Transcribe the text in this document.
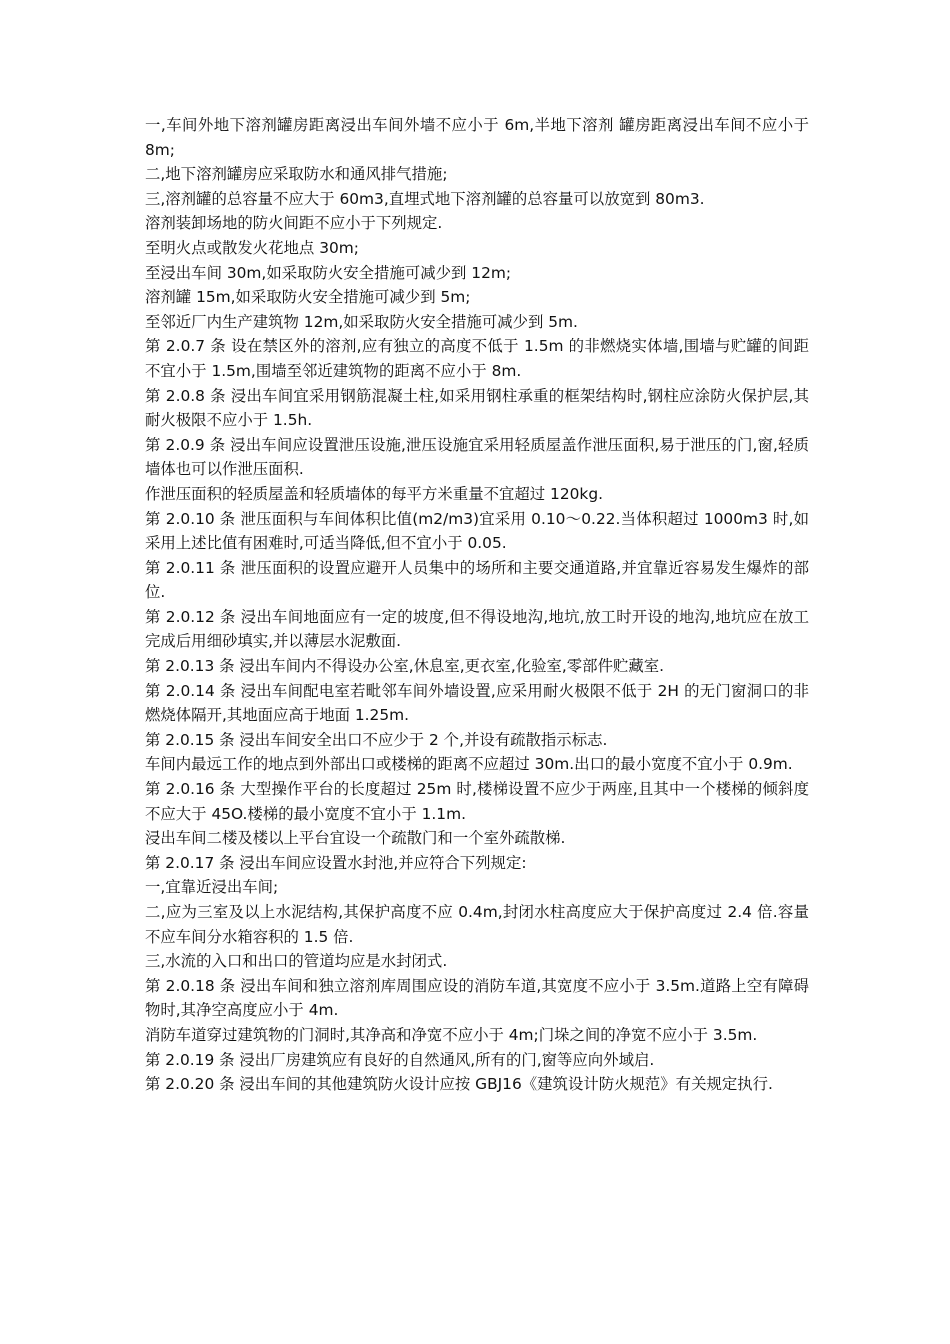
一,车间外地下溶剂罐房距离浸出车间外墙不应小于 6m,半地下溶剂 罐房距离浸出车间不应小于 8m;

二,地下溶剂罐房应采取防水和通风排气措施;

三,溶剂罐的总容量不应大于 60m3,直埋式地下溶剂罐的总容量可以放宽到 80m3.

溶剂装卸场地的防火间距不应小于下列规定.

至明火点或散发火花地点 30m;

至浸出车间 30m,如采取防火安全措施可减少到 12m;

溶剂罐 15m,如采取防火安全措施可减少到 5m;

至邻近厂内生产建筑物 12m,如采取防火安全措施可减少到 5m.

第 2.0.7 条 设在禁区外的溶剂,应有独立的高度不低于 1.5m 的非燃烧实体墙,围墙与贮罐的间距不宜小于 1.5m,围墙至邻近建筑物的距离不应小于 8m.

第 2.0.8 条 浸出车间宜采用钢筋混凝土柱,如采用钢柱承重的框架结构时,钢柱应涂防火保护层,其耐火极限不应小于 1.5h.

第 2.0.9 条 浸出车间应设置泄压设施,泄压设施宜采用轻质屋盖作泄压面积,易于泄压的门,窗,轻质墙体也可以作泄压面积.

作泄压面积的轻质屋盖和轻质墙体的每平方米重量不宜超过 120kg.

第 2.0.10 条 泄压面积与车间体积比值(m2/m3)宜采用 0.10～0.22.当体积超过 1000m3 时,如采用上述比值有困难时,可适当降低,但不宜小于 0.05.

第 2.0.11 条 泄压面积的设置应避开人员集中的场所和主要交通道路,并宜靠近容易发生爆炸的部位.

第 2.0.12 条 浸出车间地面应有一定的坡度,但不得设地沟,地坑,放工时开设的地沟,地坑应在放工完成后用细砂填实,并以薄层水泥敷面.

第 2.0.13 条 浸出车间内不得设办公室,休息室,更衣室,化验室,零部件贮藏室.

第 2.0.14 条 浸出车间配电室若毗邻车间外墙设置,应采用耐火极限不低于 2H 的无门窗洞口的非燃烧体隔开,其地面应高于地面 1.25m.

第 2.0.15 条 浸出车间安全出口不应少于 2 个,并设有疏散指示标志.

车间内最远工作的地点到外部出口或楼梯的距离不应超过 30m.出口的最小宽度不宜小于 0.9m.

第 2.0.16 条 大型操作平台的长度超过 25m 时,楼梯设置不应少于两座,且其中一个楼梯的倾斜度不应大于 45O.楼梯的最小宽度不宜小于 1.1m.

浸出车间二楼及楼以上平台宜设一个疏散门和一个室外疏散梯.

第 2.0.17 条 浸出车间应设置水封池,并应符合下列规定:

一,宜靠近浸出车间;

二,应为三室及以上水泥结构,其保护高度不应 0.4m,封闭水柱高度应大于保护高度过 2.4 倍.容量不应车间分水箱容积的 1.5 倍.

三,水流的入口和出口的管道均应是水封闭式.

第 2.0.18 条 浸出车间和独立溶剂库周围应设的消防车道,其宽度不应小于 3.5m.道路上空有障碍物时,其净空高度应小于 4m.

消防车道穿过建筑物的门洞时,其净高和净宽不应小于 4m;门垛之间的净宽不应小于 3.5m.

第 2.0.19 条 浸出厂房建筑应有良好的自然通风,所有的门,窗等应向外域启.

第 2.0.20 条 浸出车间的其他建筑防火设计应按 GBJ16《建筑设计防火规范》有关规定执行.
